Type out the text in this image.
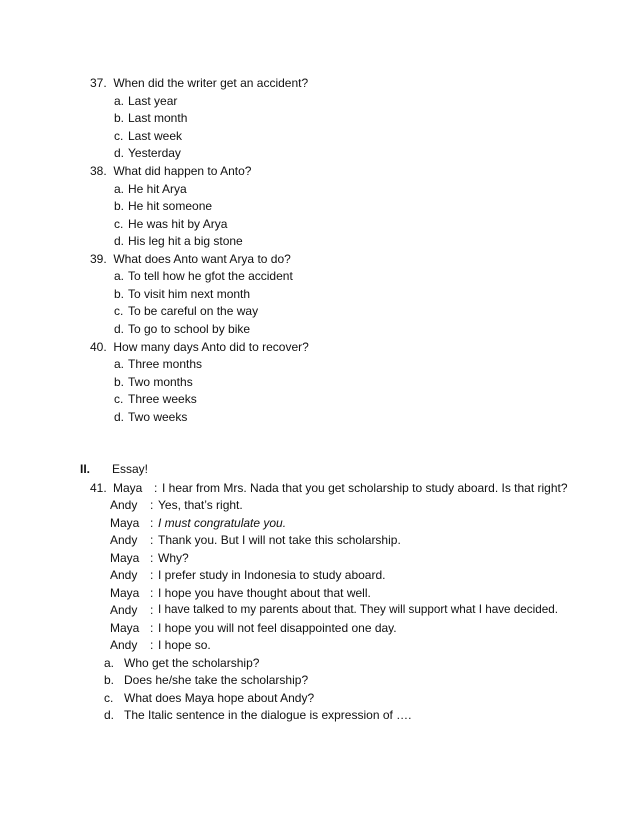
37. When did the writer get an accident?
a. Last year
b. Last month
c. Last week
d. Yesterday
38. What did happen to Anto?
a. He hit Arya
b. He hit someone
c. He was hit by Arya
d. His leg hit a big stone
39. What does Anto want Arya to do?
a. To tell how he gfot the accident
b. To visit him next month
c. To be careful on the way
d. To go to school by bike
40. How many days Anto did to recover?
a. Three months
b. Two months
c. Three weeks
d. Two weeks
II. Essay!
41. Maya : I hear from Mrs. Nada that you get scholarship to study aboard. Is that right?
Andy : Yes, that’s right.
Maya : I must congratulate you.
Andy : Thank you. But I will not take this scholarship.
Maya : Why?
Andy : I prefer study in Indonesia to study aboard.
Maya : I hope you have thought about that well.
Andy : I have talked to my parents about that. They will support what I have decided.
Maya : I hope you will not feel disappointed one day.
Andy : I hope so.
a. Who get the scholarship?
b. Does he/she take the scholarship?
c. What does Maya hope about Andy?
d. The Italic sentence in the dialogue is expression of ….
